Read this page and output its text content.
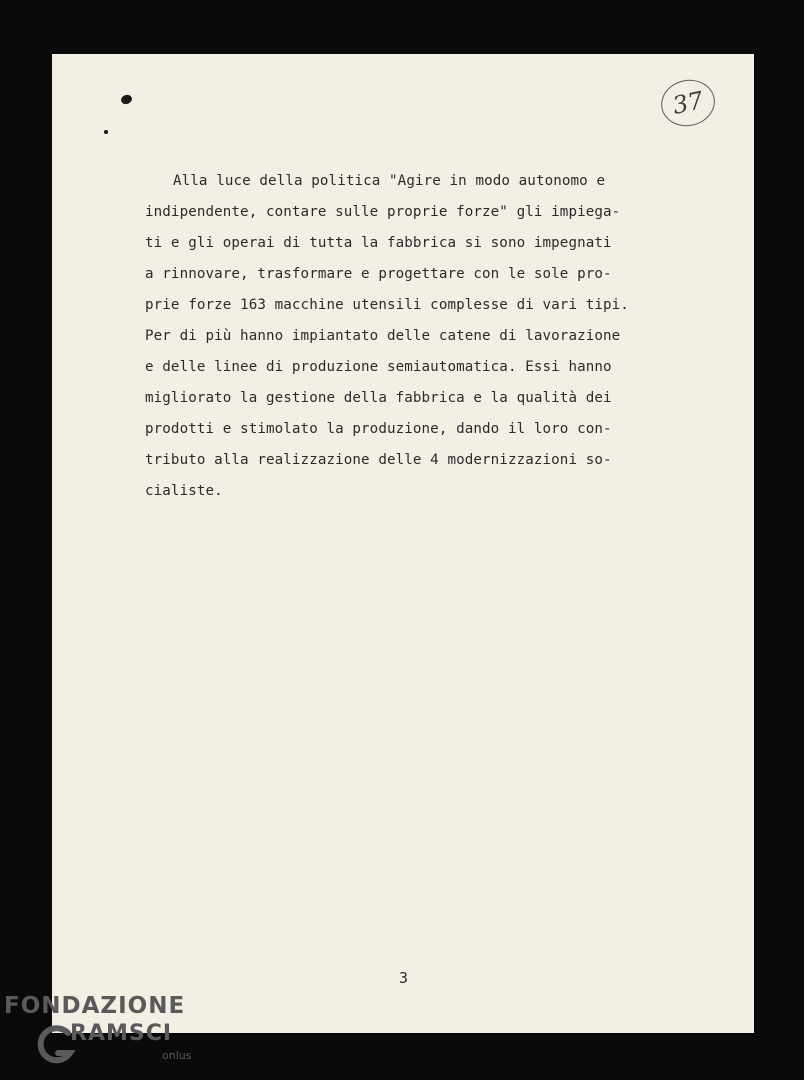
37

Alla luce della politica "Agire in modo autonomo e
indipendente, contare sulle proprie forze" gli impiega-
ti e gli operai di tutta la fabbrica si sono impegnati
a rinnovare, trasformare e progettare con le sole pro-
prie forze 163 macchine utensili complesse di vari tipi.
Per di più hanno impiantato delle catene di lavorazione
e delle linee di produzione semiautomatica. Essi hanno
migliorato la gestione della fabbrica e la qualità dei
prodotti e stimolato la produzione, dando il loro con-
tributo alla realizzazione delle 4 modernizzazioni so-
cialiste.

3
FONDAZIONE
RAMSCI
onlus
